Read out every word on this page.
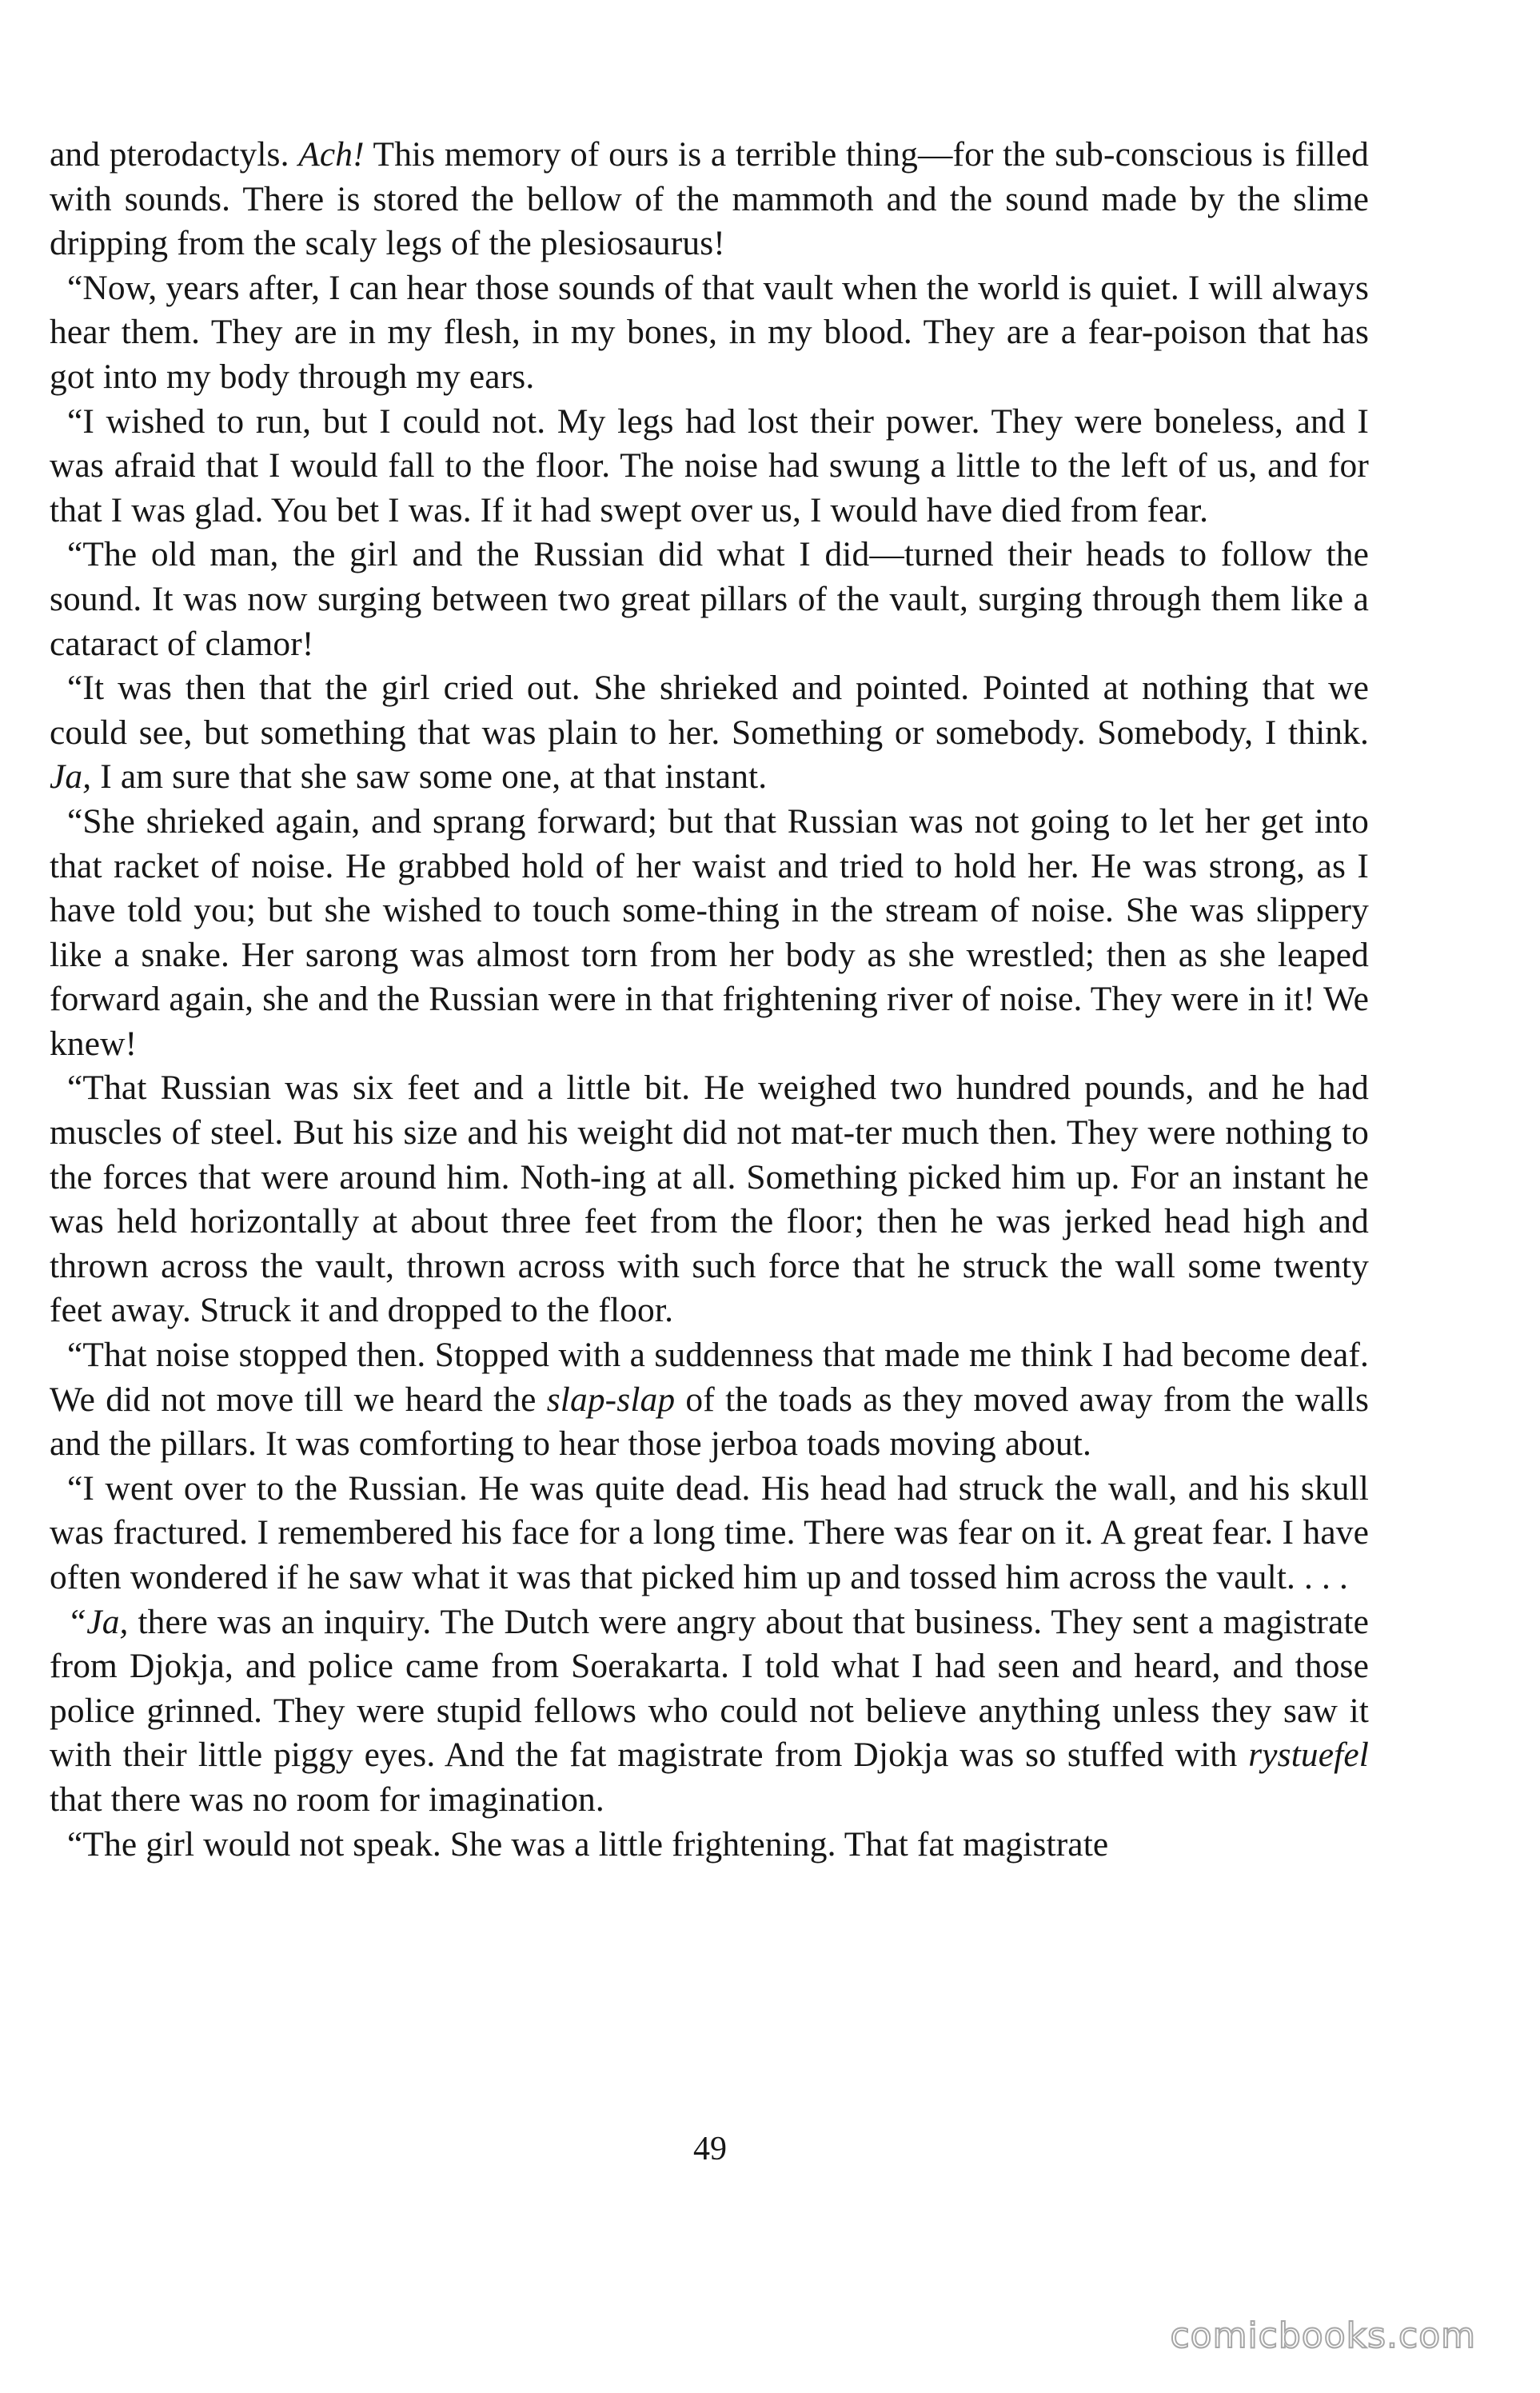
and pterodactyls. Ach! This memory of ours is a terrible thing—for the sub-conscious is filled with sounds. There is stored the bellow of the mammoth and the sound made by the slime dripping from the scaly legs of the plesiosaurus!

“Now, years after, I can hear those sounds of that vault when the world is quiet. I will always hear them. They are in my flesh, in my bones, in my blood. They are a fear-poison that has got into my body through my ears.

“I wished to run, but I could not. My legs had lost their power. They were boneless, and I was afraid that I would fall to the floor. The noise had swung a little to the left of us, and for that I was glad. You bet I was. If it had swept over us, I would have died from fear.

“The old man, the girl and the Russian did what I did—turned their heads to follow the sound. It was now surging between two great pillars of the vault, surging through them like a cataract of clamor!

“It was then that the girl cried out. She shrieked and pointed. Pointed at nothing that we could see, but something that was plain to her. Something or somebody. Somebody, I think. Ja, I am sure that she saw some one, at that instant.

“She shrieked again, and sprang forward; but that Russian was not going to let her get into that racket of noise. He grabbed hold of her waist and tried to hold her. He was strong, as I have told you; but she wished to touch some-thing in the stream of noise. She was slippery like a snake. Her sarong was almost torn from her body as she wrestled; then as she leaped forward again, she and the Russian were in that frightening river of noise. They were in it! We knew!

“That Russian was six feet and a little bit. He weighed two hundred pounds, and he had muscles of steel. But his size and his weight did not mat-ter much then. They were nothing to the forces that were around him. Noth-ing at all. Something picked him up. For an instant he was held horizontally at about three feet from the floor; then he was jerked head high and thrown across the vault, thrown across with such force that he struck the wall some twenty feet away. Struck it and dropped to the floor.

“That noise stopped then. Stopped with a suddenness that made me think I had become deaf. We did not move till we heard the slap-slap of the toads as they moved away from the walls and the pillars. It was comforting to hear those jerboa toads moving about.

“I went over to the Russian. He was quite dead. His head had struck the wall, and his skull was fractured. I remembered his face for a long time. There was fear on it. A great fear. I have often wondered if he saw what it was that picked him up and tossed him across the vault. . . .

“Ja, there was an inquiry. The Dutch were angry about that business. They sent a magistrate from Djokja, and police came from Soerakarta. I told what I had seen and heard, and those police grinned. They were stupid fellows who could not believe anything unless they saw it with their little piggy eyes. And the fat magistrate from Djokja was so stuffed with rystuefel that there was no room for imagination.

“The girl would not speak. She was a little frightening. That fat magistrate

49
comicbooks.com
